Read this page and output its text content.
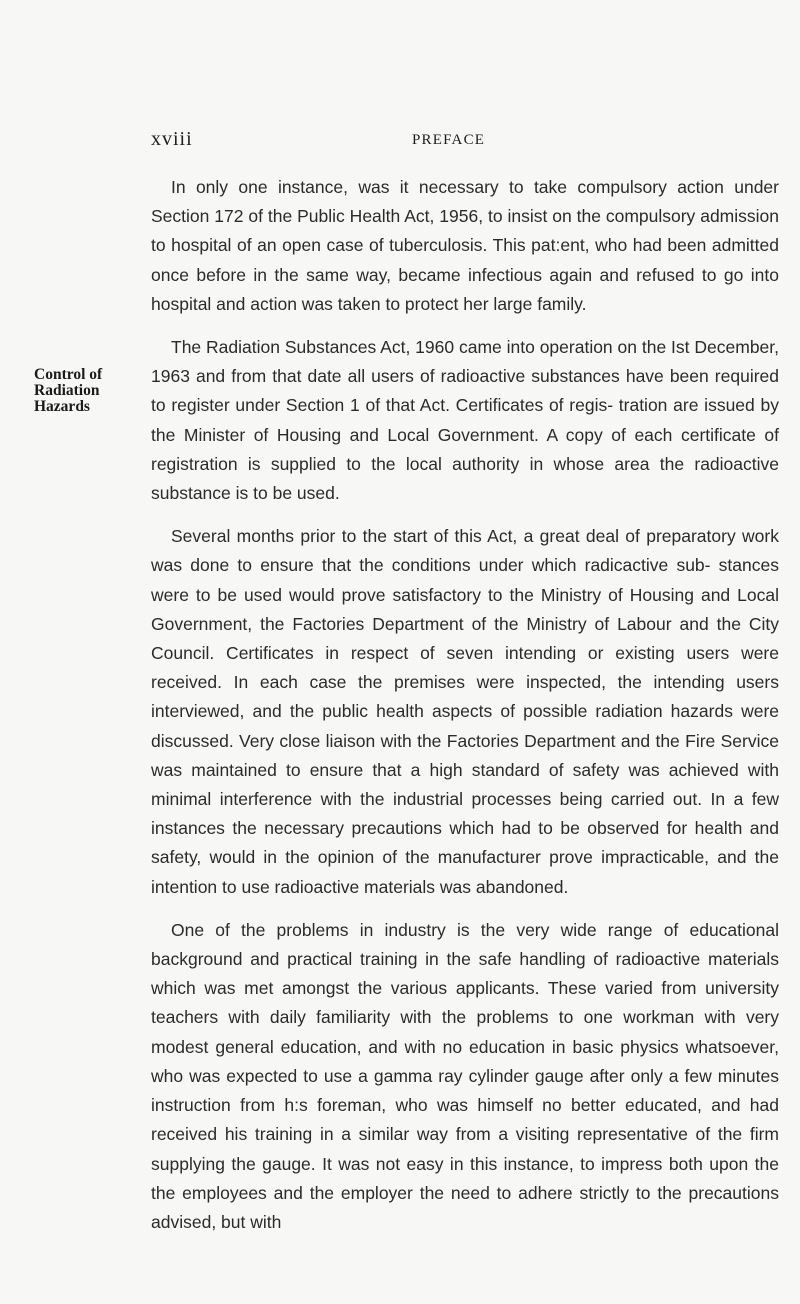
xviii	PREFACE
Control of
Radiation
Hazards

In only one instance, was it necessary to take compulsory action under Section 172 of the Public Health Act, 1956, to insist on the compulsory admission to hospital of an open case of tuberculosis. This pat:ent, who had been admitted once before in the same way, became infectious again and refused to go into hospital and action was taken to protect her large family.

The Radiation Substances Act, 1960 came into operation on the Ist December, 1963 and from that date all users of radioactive substances have been required to register under Section 1 of that Act. Certificates of regis- tration are issued by the Minister of Housing and Local Government. A copy of each certificate of registration is supplied to the local authority in whose area the radioactive substance is to be used.

Several months prior to the start of this Act, a great deal of preparatory work was done to ensure that the conditions under which radicactive sub- stances were to be used would prove satisfactory to the Ministry of Housing and Local Government, the Factories Department of the Ministry of Labour and the City Council. Certificates in respect of seven intending or existing users were received. In each case the premises were inspected, the intending users interviewed, and the public health aspects of possible radiation hazards were discussed. Very close liaison with the Factories Department and the Fire Service was maintained to ensure that a high standard of safety was achieved with minimal interference with the industrial processes being carried out. In a few instances the necessary precautions which had to be observed for health and safety, would in the opinion of the manufacturer prove impracticable, and the intention to use radioactive materials was abandoned.

One of the problems in industry is the very wide range of educational background and practical training in the safe handling of radioactive materials which was met amongst the various applicants. These varied from university teachers with daily familiarity with the problems to one workman with very modest general education, and with no education in basic physics whatsoever, who was expected to use a gamma ray cylinder gauge after only a few minutes instruction from h:s foreman, who was himself no better educated, and had received his training in a similar way from a visiting representative of the firm supplying the gauge. It was not easy in this instance, to impress both upon the the employees and the employer the need to adhere strictly to the precautions advised, but with
